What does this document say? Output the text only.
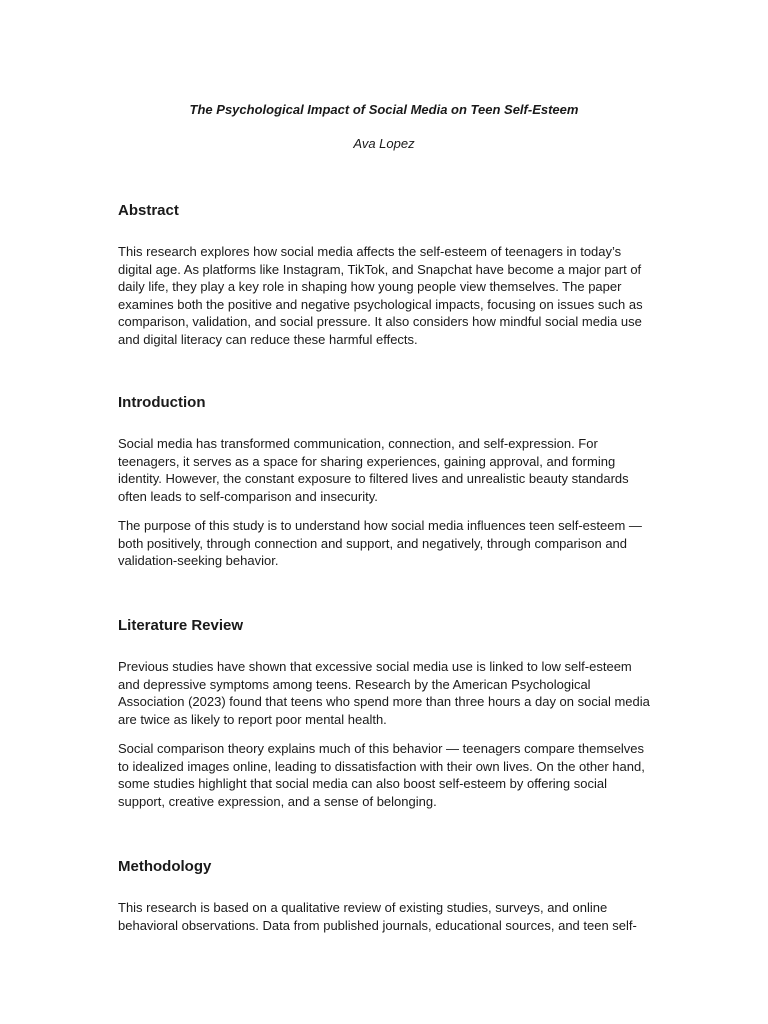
The Psychological Impact of Social Media on Teen Self-Esteem

Ava Lopez

Abstract

This research explores how social media affects the self-esteem of teenagers in today’s
digital age. As platforms like Instagram, TikTok, and Snapchat have become a major part of
daily life, they play a key role in shaping how young people view themselves. The paper
examines both the positive and negative psychological impacts, focusing on issues such as
comparison, validation, and social pressure. It also considers how mindful social media use
and digital literacy can reduce these harmful effects.

Introduction

Social media has transformed communication, connection, and self-expression. For
teenagers, it serves as a space for sharing experiences, gaining approval, and forming
identity. However, the constant exposure to filtered lives and unrealistic beauty standards
often leads to self-comparison and insecurity.

The purpose of this study is to understand how social media influences teen self-esteem —
both positively, through connection and support, and negatively, through comparison and
validation-seeking behavior.

Literature Review

Previous studies have shown that excessive social media use is linked to low self-esteem
and depressive symptoms among teens. Research by the American Psychological
Association (2023) found that teens who spend more than three hours a day on social media
are twice as likely to report poor mental health.

Social comparison theory explains much of this behavior — teenagers compare themselves
to idealized images online, leading to dissatisfaction with their own lives. On the other hand,
some studies highlight that social media can also boost self-esteem by offering social
support, creative expression, and a sense of belonging.

Methodology

This research is based on a qualitative review of existing studies, surveys, and online
behavioral observations. Data from published journals, educational sources, and teen self-
